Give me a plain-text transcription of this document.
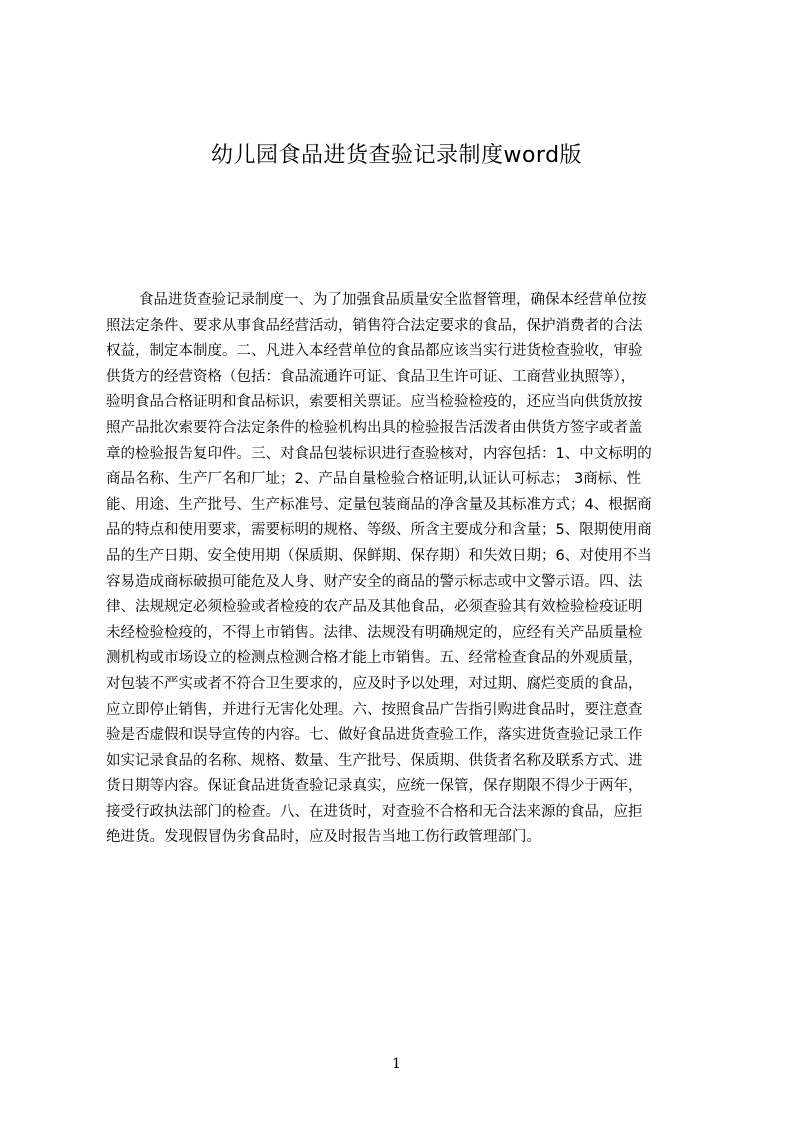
幼儿园食品进货查验记录制度word版
食品进货查验记录制度一、为了加强食品质量安全监督管理，确保本经营单位按
照法定条件、要求从事食品经营活动，销售符合法定要求的食品，保护消费者的合法
权益，制定本制度。二、凡进入本经营单位的食品都应该当实行进货检查验收，审验
供货方的经营资格（包括：食品流通许可证、食品卫生许可证、工商营业执照等），
验明食品合格证明和食品标识，索要相关票证。应当检验检疫的，还应当向供货放按
照产品批次索要符合法定条件的检验机构出具的检验报告活泼者由供货方签字或者盖
章的检验报告复印件。三、对食品包装标识进行查验核对，内容包括：1、中文标明的
商品名称、生产厂名和厂址；2、产品自量检验合格证明,认证认可标志； 3商标、性
能、用途、生产批号、生产标准号、定量包装商品的净含量及其标准方式；4、根据商
品的特点和使用要求，需要标明的规格、等级、所含主要成分和含量；5、限期使用商
品的生产日期、安全使用期（保质期、保鲜期、保存期）和失效日期；6、对使用不当
容易造成商标破损可能危及人身、财产安全的商品的警示标志或中文警示语。四、法
律、法规规定必须检验或者检疫的农产品及其他食品，必须查验其有效检验检疫证明
未经检验检疫的，不得上市销售。法律、法规没有明确规定的，应经有关产品质量检
测机构或市场设立的检测点检测合格才能上市销售。五、经常检查食品的外观质量，
对包装不严实或者不符合卫生要求的，应及时予以处理，对过期、腐烂变质的食品，
应立即停止销售，并进行无害化处理。六、按照食品广告指引购进食品时，要注意查
验是否虚假和误导宣传的内容。七、做好食品进货查验工作，落实进货查验记录工作
如实记录食品的名称、规格、数量、生产批号、保质期、供货者名称及联系方式、进
货日期等内容。保证食品进货查验记录真实，应统一保管，保存期限不得少于两年，
接受行政执法部门的检查。八、在进货时，对查验不合格和无合法来源的食品，应拒
绝进货。发现假冒伪劣食品时，应及时报告当地工伤行政管理部门。
1
